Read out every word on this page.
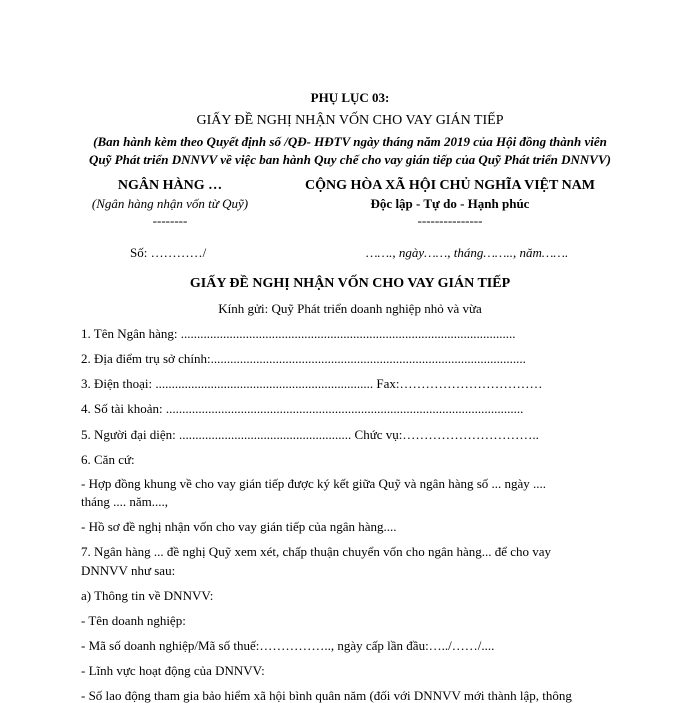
PHỤ LỤC 03:
GIẤY ĐỀ NGHỊ NHẬN VỐN CHO VAY GIÁN TIẾP
(Ban hành kèm theo Quyết định số /QĐ- HĐTV ngày tháng năm 2019 của Hội đồng thành viên
Quỹ Phát triển DNNVV về việc ban hành Quy chế cho vay gián tiếp của Quỹ Phát triển DNNVV)
NGÂN HÀNG …
(Ngân hàng nhận vốn từ Quỹ)
--------
CỘNG HÒA XÃ HỘI CHỦ NGHĨA VIỆT NAM
Độc lập - Tự do - Hạnh phúc
---------------
Số: …………/	……., ngày……, tháng…….., năm…….
GIẤY ĐỀ NGHỊ NHẬN VỐN CHO VAY GIÁN TIẾP
Kính gửi: Quỹ Phát triển doanh nghiệp nhỏ và vừa
1. Tên Ngân hàng: .......................................................................................................
2. Địa điểm trụ sở chính:.................................................................................................
3. Điện thoại: ................................................................... Fax:……………………………
4. Số tài khoản: ..............................................................................................................
5. Người đại diện: ..................................................... Chức vụ:…………………………..
6. Căn cứ:
- Hợp đồng khung về cho vay gián tiếp được ký kết giữa Quỹ và ngân hàng số ... ngày ....
tháng .... năm....,
- Hồ sơ đề nghị nhận vốn cho vay gián tiếp của ngân hàng....
7. Ngân hàng ... đề nghị Quỹ xem xét, chấp thuận chuyển vốn cho ngân hàng... để cho vay
DNNVV như sau:
a) Thông tin về DNNVV:
- Tên doanh nghiệp:
- Mã số doanh nghiệp/Mã số thuế:…………….., ngày cấp lần đầu:…../……/....
- Lĩnh vực hoạt động của DNNVV:
- Số lao động tham gia bảo hiểm xã hội bình quân năm (đối với DNNVV mới thành lập, thông
